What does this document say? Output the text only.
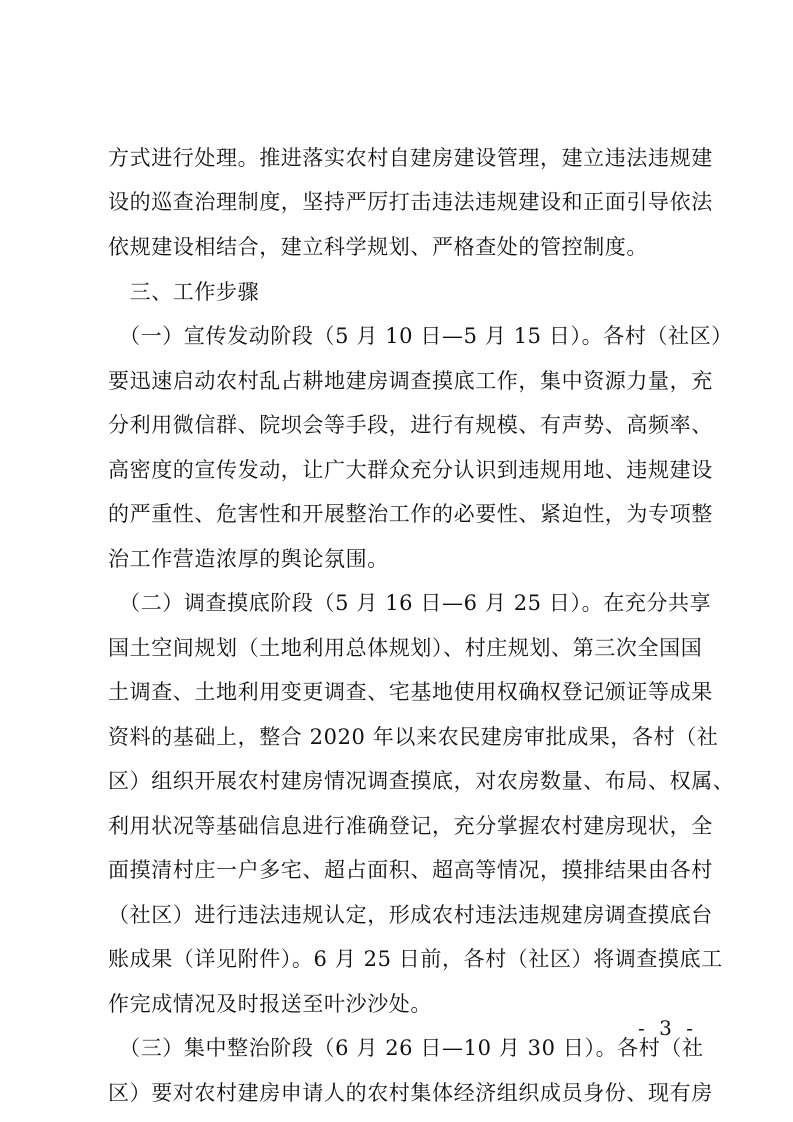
方式进行处理。推进落实农村自建房建设管理，建立违法违规建
设的巡查治理制度，坚持严厉打击违法违规建设和正面引导依法
依规建设相结合，建立科学规划、严格查处的管控制度。
　三、工作步骤
　（一）宣传发动阶段（5 月 10 日—5 月 15 日）。各村（社区）
要迅速启动农村乱占耕地建房调查摸底工作，集中资源力量，充
分利用微信群、院坝会等手段，进行有规模、有声势、高频率、
高密度的宣传发动，让广大群众充分认识到违规用地、违规建设
的严重性、危害性和开展整治工作的必要性、紧迫性，为专项整
治工作营造浓厚的舆论氛围。
　（二）调查摸底阶段（5 月 16 日—6 月 25 日）。在充分共享
国土空间规划（土地利用总体规划）、村庄规划、第三次全国国
土调查、土地利用变更调查、宅基地使用权确权登记颁证等成果
资料的基础上，整合 2020 年以来农民建房审批成果，各村（社
区）组织开展农村建房情况调查摸底，对农房数量、布局、权属、
利用状况等基础信息进行准确登记，充分掌握农村建房现状，全
面摸清村庄一户多宅、超占面积、超高等情况，摸排结果由各村
（社区）进行违法违规认定，形成农村违法违规建房调查摸底台
账成果（详见附件）。6 月 25 日前，各村（社区）将调查摸底工
作完成情况及时报送至叶沙沙处。
　（三）集中整治阶段（6 月 26 日—10 月 30 日）。各村（社
区）要对农村建房申请人的农村集体经济组织成员身份、现有房
- 3 -
